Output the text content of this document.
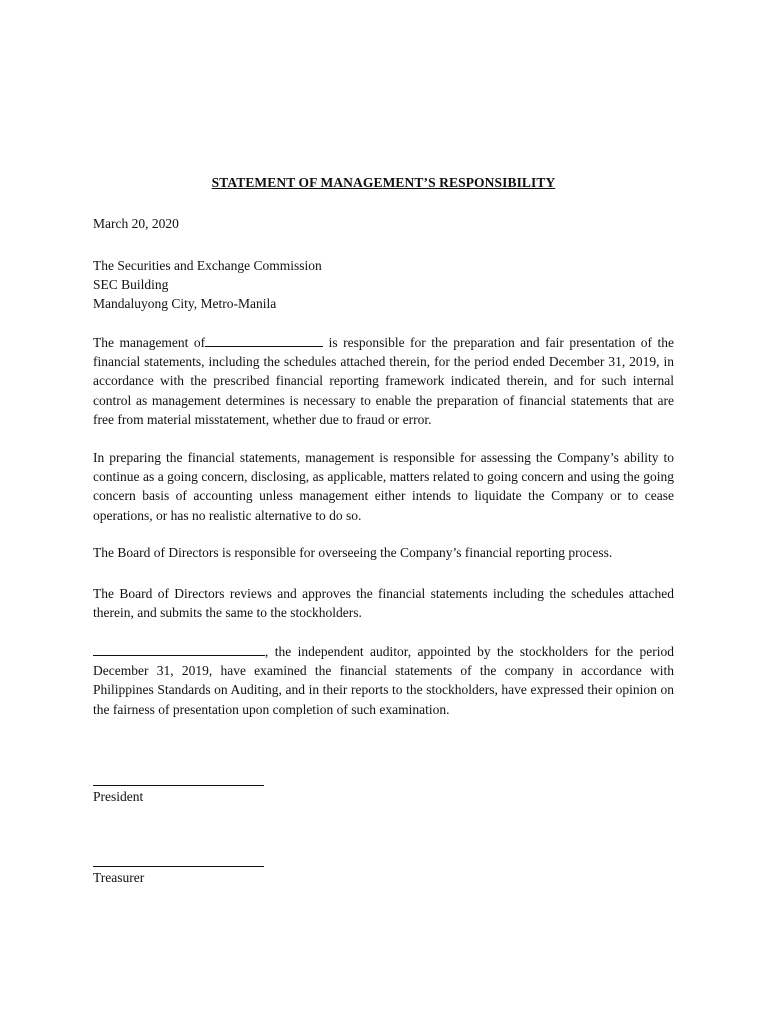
STATEMENT OF MANAGEMENT’S RESPONSIBILITY
March 20, 2020
The Securities and Exchange Commission
SEC Building
Mandaluyong City, Metro-Manila

The management of	is responsible for the preparation and fair presentation of the financial statements, including the schedules attached therein, for the period ended December 31, 2019, in accordance with the prescribed financial reporting framework indicated therein, and for such internal control as management determines is necessary to enable the preparation of financial statements that are free from material misstatement, whether due to fraud or error.

In preparing the financial statements, management is responsible for assessing the Company’s ability to continue as a going concern, disclosing, as applicable, matters related to going concern and using the going concern basis of accounting unless management either intends to liquidate the Company or to cease operations, or has no realistic alternative to do so.

The Board of Directors is responsible for overseeing the Company’s financial reporting process.

The Board of Directors reviews and approves the financial statements including the schedules attached therein, and submits the same to the stockholders.

, the independent auditor, appointed by the stockholders for the period December 31, 2019, have examined the financial statements of the company in accordance with Philippines Standards on Auditing, and in their reports to the stockholders, have expressed their opinion on the fairness of presentation upon completion of such examination.

President
Treasurer
